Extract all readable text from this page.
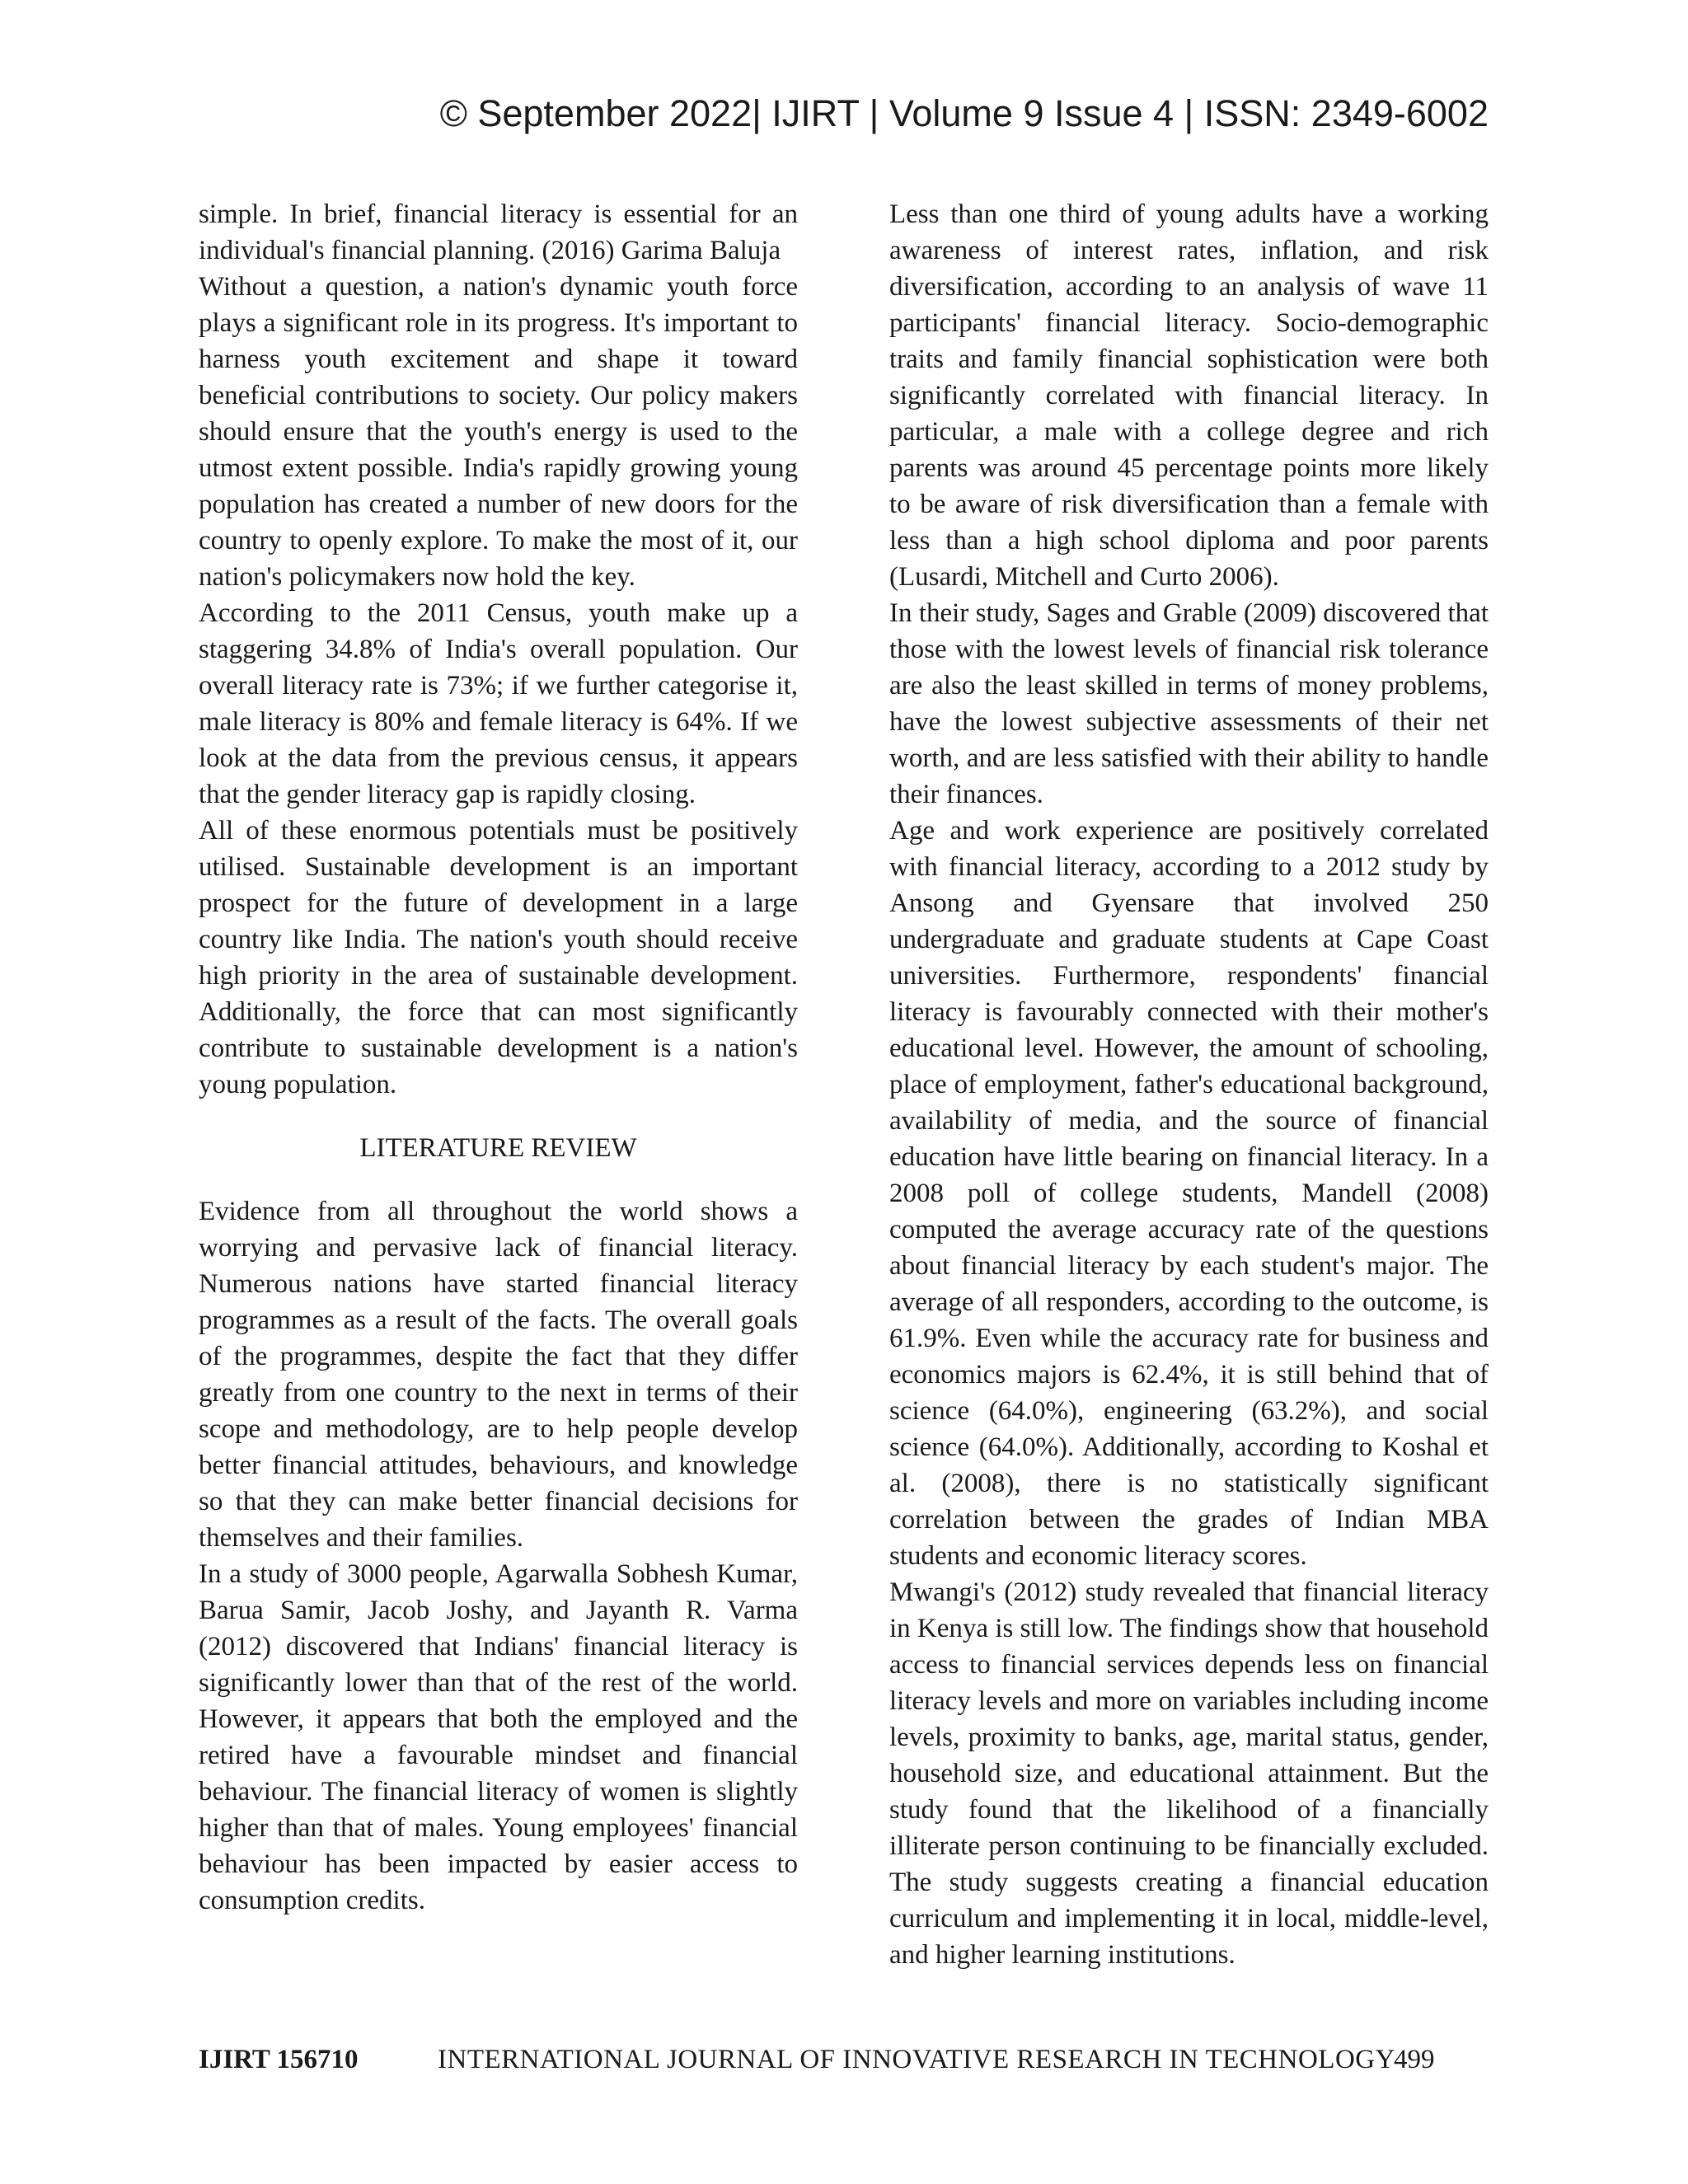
© September 2022| IJIRT | Volume 9 Issue 4 | ISSN: 2349-6002

simple. In brief, financial literacy is essential for an individual's financial planning. (2016) Garima Baluja

Without a question, a nation's dynamic youth force plays a significant role in its progress. It's important to harness youth excitement and shape it toward beneficial contributions to society. Our policy makers should ensure that the youth's energy is used to the utmost extent possible. India's rapidly growing young population has created a number of new doors for the country to openly explore. To make the most of it, our nation's policymakers now hold the key.

According to the 2011 Census, youth make up a staggering 34.8% of India's overall population. Our overall literacy rate is 73%; if we further categorise it, male literacy is 80% and female literacy is 64%. If we look at the data from the previous census, it appears that the gender literacy gap is rapidly closing.

All of these enormous potentials must be positively utilised. Sustainable development is an important prospect for the future of development in a large country like India. The nation's youth should receive high priority in the area of sustainable development. Additionally, the force that can most significantly contribute to sustainable development is a nation's young population.

LITERATURE REVIEW

Evidence from all throughout the world shows a worrying and pervasive lack of financial literacy. Numerous nations have started financial literacy programmes as a result of the facts. The overall goals of the programmes, despite the fact that they differ greatly from one country to the next in terms of their scope and methodology, are to help people develop better financial attitudes, behaviours, and knowledge so that they can make better financial decisions for themselves and their families.

In a study of 3000 people, Agarwalla Sobhesh Kumar, Barua Samir, Jacob Joshy, and Jayanth R. Varma (2012) discovered that Indians' financial literacy is significantly lower than that of the rest of the world. However, it appears that both the employed and the retired have a favourable mindset and financial behaviour. The financial literacy of women is slightly higher than that of males. Young employees' financial behaviour has been impacted by easier access to consumption credits.

Less than one third of young adults have a working awareness of interest rates, inflation, and risk diversification, according to an analysis of wave 11 participants' financial literacy. Socio-demographic traits and family financial sophistication were both significantly correlated with financial literacy. In particular, a male with a college degree and rich parents was around 45 percentage points more likely to be aware of risk diversification than a female with less than a high school diploma and poor parents (Lusardi, Mitchell and Curto 2006).

In their study, Sages and Grable (2009) discovered that those with the lowest levels of financial risk tolerance are also the least skilled in terms of money problems, have the lowest subjective assessments of their net worth, and are less satisfied with their ability to handle their finances.

Age and work experience are positively correlated with financial literacy, according to a 2012 study by Ansong and Gyensare that involved 250 undergraduate and graduate students at Cape Coast universities. Furthermore, respondents' financial literacy is favourably connected with their mother's educational level. However, the amount of schooling, place of employment, father's educational background, availability of media, and the source of financial education have little bearing on financial literacy. In a 2008 poll of college students, Mandell (2008) computed the average accuracy rate of the questions about financial literacy by each student's major. The average of all responders, according to the outcome, is 61.9%. Even while the accuracy rate for business and economics majors is 62.4%, it is still behind that of science (64.0%), engineering (63.2%), and social science (64.0%). Additionally, according to Koshal et al. (2008), there is no statistically significant correlation between the grades of Indian MBA students and economic literacy scores.

Mwangi's (2012) study revealed that financial literacy in Kenya is still low. The findings show that household access to financial services depends less on financial literacy levels and more on variables including income levels, proximity to banks, age, marital status, gender, household size, and educational attainment. But the study found that the likelihood of a financially illiterate person continuing to be financially excluded. The study suggests creating a financial education curriculum and implementing it in local, middle-level, and higher learning institutions.

IJIRT 156710	INTERNATIONAL JOURNAL OF INNOVATIVE RESEARCH IN TECHNOLOGY
499
